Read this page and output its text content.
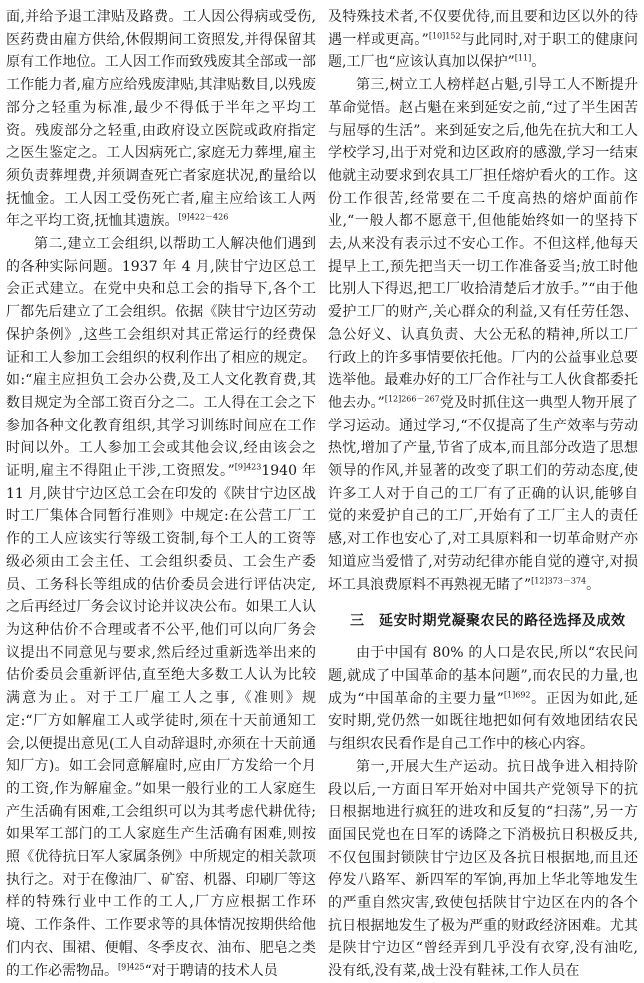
面,并给予退工津贴及路费。工人因公得病或受伤,医药费由雇方供给,休假期间工资照发,并得保留其原有工作地位。工人因工作而致残废其全部或一部工作能力者,雇方应给残废津贴,其津贴数目,以残废部分之轻重为标准,最少不得低于半年之平均工资。残废部分之轻重,由政府设立医院或政府指定之医生鉴定之。工人因病死亡,家庭无力葬埋,雇主须负责葬埋费,并须调查死亡者家庭状况,酌量给以抚恤金。工人因工受伤死亡者,雇主应给该工人两年之平均工资,抚恤其遗族。$^{[9]422-426}$

第二,建立工会组织,以帮助工人解决他们遇到的各种实际问题。1937 年 4 月,陕甘宁边区总工会正式建立。在党中央和总工会的指导下,各个工厂都先后建立了工会组织。依据《陕甘宁边区劳动保护条例》,这些工会组织对其正常运行的经费保证和工人参加工会组织的权利作出了相应的规定。如:“雇主应担负工会办公费,及工人文化教育费,其数目规定为全部工资百分之二。工人得在工会之下参加各种文化教育组织,其学习训练时间应在工作时间以外。工人参加工会或其他会议,经由该会之证明,雇主不得阻止干涉,工资照发。”$^{[9]423}$1940 年 11 月,陕甘宁边区总工会在印发的《陕甘宁边区战时工厂集体合同暂行准则》中规定:在公营工厂工作的工人应该实行等级工资制,每个工人的工资等级必须由工会主任、工会组织委员、工会生产委员、工务科长等组成的估价委员会进行评估决定,之后再经过厂务会议讨论并议决公布。如果工人认为这种估价不合理或者不公平,他们可以向厂务会议提出不同意见与要求,然后经过重新选举出来的估价委员会重新评估,直至绝大多数工人认为比较满意为止。对于工厂雇工人之事,《准则》规定:“厂方如解雇工人或学徒时,须在十天前通知工会,以便提出意见(工人自动辞退时,亦须在十天前通知厂方)。如工会同意解雇时,应由厂方发给一个月的工资,作为解雇金。”如果一般行业的工人家庭生产生活确有困难,工会组织可以为其考虑代耕优待;如果军工部门的工人家庭生产生活确有困难,则按照《优待抗日军人家属条例》中所规定的相关款项执行之。对于在像油厂、矿窑、机器、印刷厂等这样的特殊行业中工作的工人,厂方应根据工作环境、工作条件、工作要求等的具体情况按期供给他们内衣、围裙、便帽、冬季皮衣、油布、肥皂之类的工作必需物品。$^{[9]425}$“对于聘请的技术人员

及特殊技术者,不仅要优待,而且要和边区以外的待遇一样或更高。”$^{[10]152}$与此同时,对于职工的健康问题,工厂也“应该认真加以保护”[11]。

第三,树立工人榜样赵占魁,引导工人不断提升革命觉悟。赵占魁在来到延安之前,“过了半生困苦与屈辱的生活”。来到延安之后,他先在抗大和工人学校学习,出于对党和边区政府的感激,学习一结束他就主动要求到农具工厂担任熔炉看火的工作。这份工作很苦,经常要在二千度高热的熔炉面前作业,“一般人都不愿意干,但他能始终如一的坚持下去,从来没有表示过不安心工作。不但这样,他每天提早上工,预先把当天一切工作准备妥当;放工时他比别人下得迟,把工厂收拾清楚后才放手。”“由于他爱护工厂的财产,关心群众的利益,又有任劳任怨、急公好义、认真负责、大公无私的精神,所以工厂行政上的许多事情要依托他。厂内的公益事业总要选举他。最难办好的工厂合作社与工人伙食都委托他去办。”$^{[12]266-267}$党及时抓住这一典型人物开展了学习运动。通过学习,“不仅提高了生产效率与劳动热忱,增加了产量,节省了成本,而且部分改造了思想领导的作风,并显著的改变了职工们的劳动态度,使许多工人对于自己的工厂有了正确的认识,能够自觉的来爱护自己的工厂,开始有了工厂主人的责任感,对工作也安心了,对工具原料和一切革命财产亦知道应当爱惜了,对劳动纪律亦能自觉的遵守,对损坏工具浪费原料不再熟视无睹了”$^{[12]373-374}$。

三　延安时期党凝聚农民的路径选择及成效

由于中国有 80% 的人口是农民,所以“农民问题,就成了中国革命的基本问题”,而农民的力量,也成为“中国革命的主要力量”$^{[1]692}$。正因为如此,延安时期,党仍然一如既往地把如何有效地团结农民与组织农民看作是自己工作中的核心内容。

第一,开展大生产运动。抗日战争进入相持阶段以后,一方面日军开始对中国共产党领导下的抗日根据地进行疯狂的进攻和反复的“扫荡”,另一方面国民党也在日军的诱降之下消极抗日积极反共,不仅包围封锁陕甘宁边区及各抗日根据地,而且还停发八路军、新四军的军饷,再加上华北等地发生的严重自然灾害,致使包括陕甘宁边区在内的各个抗日根据地发生了极为严重的财政经济困难。尤其是陕甘宁边区“曾经弄到几乎没有衣穿,没有油吃,没有纸,没有菜,战士没有鞋袜,工作人员在
